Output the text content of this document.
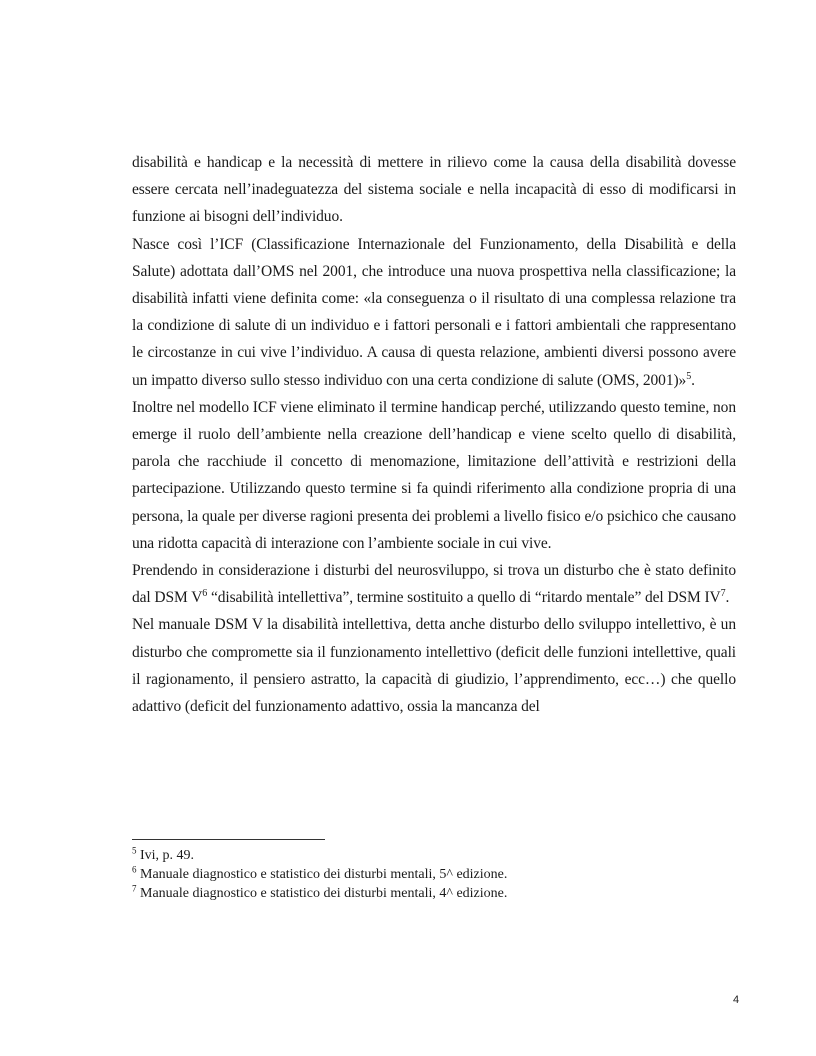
disabilità e handicap e la necessità di mettere in rilievo come la causa della disabilità dovesse essere cercata nell’inadeguatezza del sistema sociale e nella incapacità di esso di modificarsi in funzione ai bisogni dell’individuo.

Nasce così l’ICF (Classificazione Internazionale del Funzionamento, della Disabilità e della Salute) adottata dall’OMS nel 2001, che introduce una nuova prospettiva nella classificazione; la disabilità infatti viene definita come: «la conseguenza o il risultato di una complessa relazione tra la condizione di salute di un individuo e i fattori personali e i fattori ambientali che rappresentano le circostanze in cui vive l’individuo. A causa di questa relazione, ambienti diversi possono avere un impatto diverso sullo stesso individuo con una certa condizione di salute (OMS, 2001)»$^5$.

Inoltre nel modello ICF viene eliminato il termine handicap perché, utilizzando questo temine, non emerge il ruolo dell’ambiente nella creazione dell’handicap e viene scelto quello di disabilità, parola che racchiude il concetto di menomazione, limitazione dell’attività e restrizioni della partecipazione. Utilizzando questo termine si fa quindi riferimento alla condizione propria di una persona, la quale per diverse ragioni presenta dei problemi a livello fisico e/o psichico che causano una ridotta capacità di interazione con l’ambiente sociale in cui vive.

Prendendo in considerazione i disturbi del neurosviluppo, si trova un disturbo che è stato definito dal DSM $V^6$ “disabilità intellettiva”, termine sostituito a quello di “ritardo mentale” del DSM $IV^7$.

Nel manuale DSM V la disabilità intellettiva, detta anche disturbo dello sviluppo intellettivo, è un disturbo che compromette sia il funzionamento intellettivo (deficit delle funzioni intellettive, quali il ragionamento, il pensiero astratto, la capacità di giudizio, l’apprendimento, ecc…) che quello adattivo (deficit del funzionamento adattivo, ossia la mancanza del

$^5$ Ivi, p. 49.
$^6$ Manuale diagnostico e statistico dei disturbi mentali, 5^ edizione.
$^7$ Manuale diagnostico e statistico dei disturbi mentali, 4^ edizione.
4
